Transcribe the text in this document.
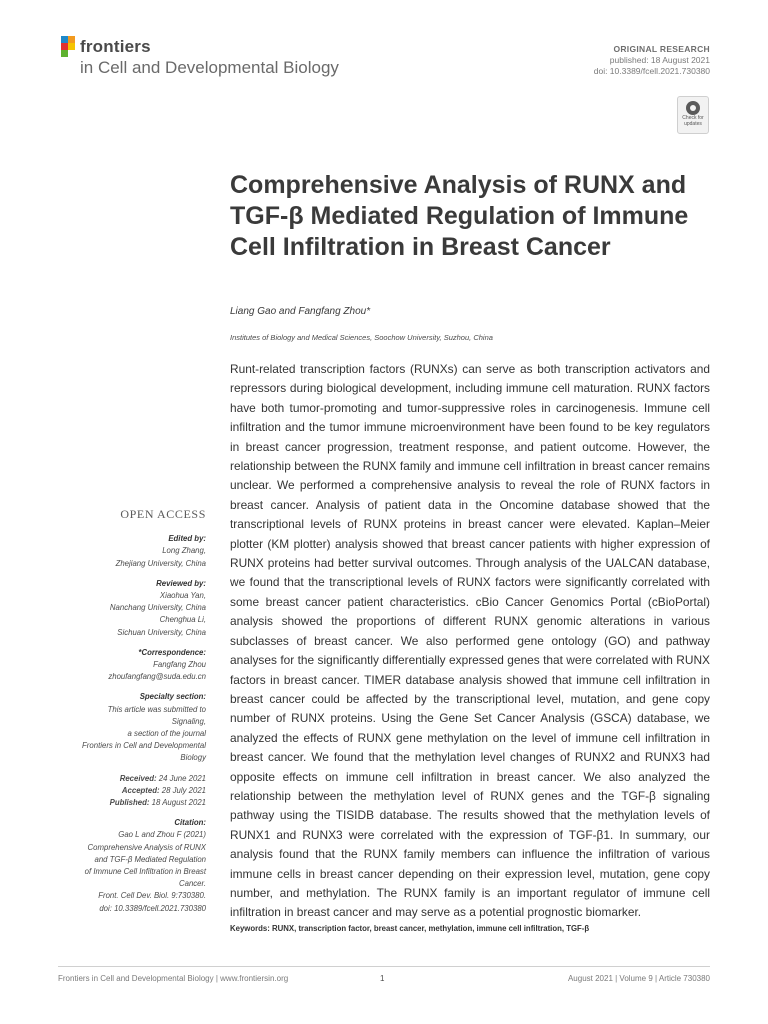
frontiers
in Cell and Developmental Biology
ORIGINAL RESEARCH
published: 18 August 2021
doi: 10.3389/fcell.2021.730380
Check for
updates
Comprehensive Analysis of RUNX and TGF-β Mediated Regulation of Immune Cell Infiltration in Breast Cancer
Liang Gao and Fangfang Zhou*
Institutes of Biology and Medical Sciences, Soochow University, Suzhou, China

Runt-related transcription factors (RUNXs) can serve as both transcription activators and repressors during biological development, including immune cell maturation. RUNX factors have both tumor-promoting and tumor-suppressive roles in carcinogenesis. Immune cell infiltration and the tumor immune microenvironment have been found to be key regulators in breast cancer progression, treatment response, and patient outcome. However, the relationship between the RUNX family and immune cell infiltration in breast cancer remains unclear. We performed a comprehensive analysis to reveal the role of RUNX factors in breast cancer. Analysis of patient data in the Oncomine database showed that the transcriptional levels of RUNX proteins in breast cancer were elevated. Kaplan–Meier plotter (KM plotter) analysis showed that breast cancer patients with higher expression of RUNX proteins had better survival outcomes. Through analysis of the UALCAN database, we found that the transcriptional levels of RUNX factors were significantly correlated with some breast cancer patient characteristics. cBio Cancer Genomics Portal (cBioPortal) analysis showed the proportions of different RUNX genomic alterations in various subclasses of breast cancer. We also performed gene ontology (GO) and pathway analyses for the significantly differentially expressed genes that were correlated with RUNX factors in breast cancer. TIMER database analysis showed that immune cell infiltration in breast cancer could be affected by the transcriptional level, mutation, and gene copy number of RUNX proteins. Using the Gene Set Cancer Analysis (GSCA) database, we analyzed the effects of RUNX gene methylation on the level of immune cell infiltration in breast cancer. We found that the methylation level changes of RUNX2 and RUNX3 had opposite effects on immune cell infiltration in breast cancer. We also analyzed the relationship between the methylation level of RUNX genes and the TGF-β signaling pathway using the TISIDB database. The results showed that the methylation levels of RUNX1 and RUNX3 were correlated with the expression of TGF-β1. In summary, our analysis found that the RUNX family members can influence the infiltration of various immune cells in breast cancer depending on their expression level, mutation, gene copy number, and methylation. The RUNX family is an important regulator of immune cell infiltration in breast cancer and may serve as a potential prognostic biomarker.

Keywords: RUNX, transcription factor, breast cancer, methylation, immune cell infiltration, TGF-β
OPEN ACCESS
Edited by:
Long Zhang,
Zhejiang University, China
Reviewed by:
Xiaohua Yan,
Nanchang University, China
Chenghua Li,
Sichuan University, China
*Correspondence:
Fangfang Zhou
zhoufangfang@suda.edu.cn
Specialty section:
This article was submitted to
Signaling,
a section of the journal
Frontiers in Cell and Developmental
Biology
Received: 24 June 2021
Accepted: 28 July 2021
Published: 18 August 2021
Citation:
Gao L and Zhou F (2021)
Comprehensive Analysis of RUNX
and TGF-β Mediated Regulation
of Immune Cell Infiltration in Breast
Cancer.
Front. Cell Dev. Biol. 9:730380.
doi: 10.3389/fcell.2021.730380
Frontiers in Cell and Developmental Biology | www.frontiersin.org	1	August 2021 | Volume 9 | Article 730380
